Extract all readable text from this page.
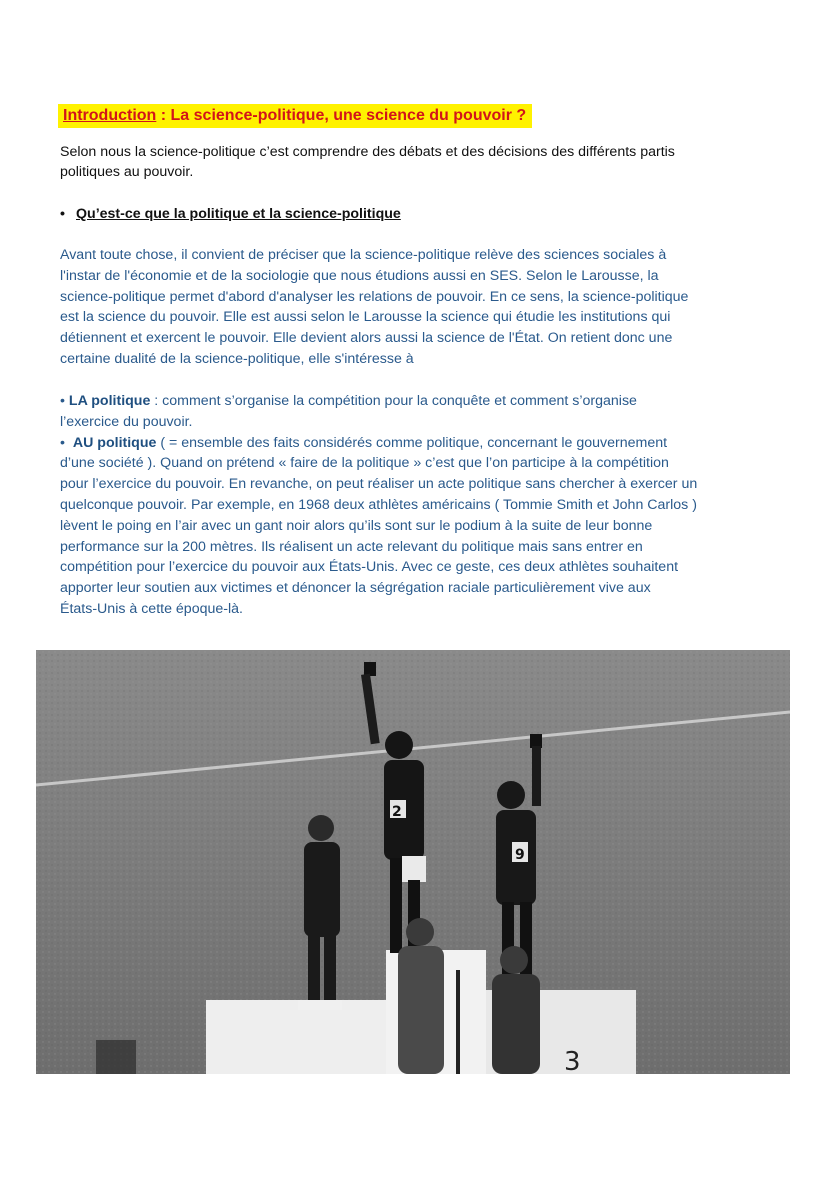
Introduction : La science-politique, une science du pouvoir ?
Selon nous la science-politique c’est comprendre des débats et des décisions des différents partis
politiques au pouvoir.
• Qu’est-ce que la politique et la science-politique
Avant toute chose, il convient de préciser que la science-politique relève des sciences sociales à
l'instar de l'économie et de la sociologie que nous étudions aussi en SES. Selon le Larousse, la
science-politique permet d'abord d'analyser les relations de pouvoir. En ce sens, la science-politique
est la science du pouvoir. Elle est aussi selon le Larousse la science qui étudie les institutions qui
détiennent et exercent le pouvoir. Elle devient alors aussi la science de l'État. On retient donc une
certaine dualité de la science-politique, elle s'intéresse à
• LA politique : comment s’organise la compétition pour la conquête et comment s’organise
l’exercice du pouvoir.
• AU politique ( = ensemble des faits considérés comme politique, concernant le gouvernement
d’une société ). Quand on prétend « faire de la politique » c’est que l’on participe à la compétition
pour l’exercice du pouvoir. En revanche, on peut réaliser un acte politique sans chercher à exercer un
quelconque pouvoir. Par exemple, en 1968 deux athlètes américains ( Tommie Smith et John Carlos )
lèvent le poing en l’air avec un gant noir alors qu’ils sont sur le podium à la suite de leur bonne
performance sur la 200 mètres. Ils réalisent un acte relevant du politique mais sans entrer en
compétition pour l’exercice du pouvoir aux États-Unis. Avec ce geste, ces deux athlètes souhaitent
apporter leur soutien aux victimes et dénoncer la ségrégation raciale particulièrement vive aux
États-Unis à cette époque-là.
3
2
9
